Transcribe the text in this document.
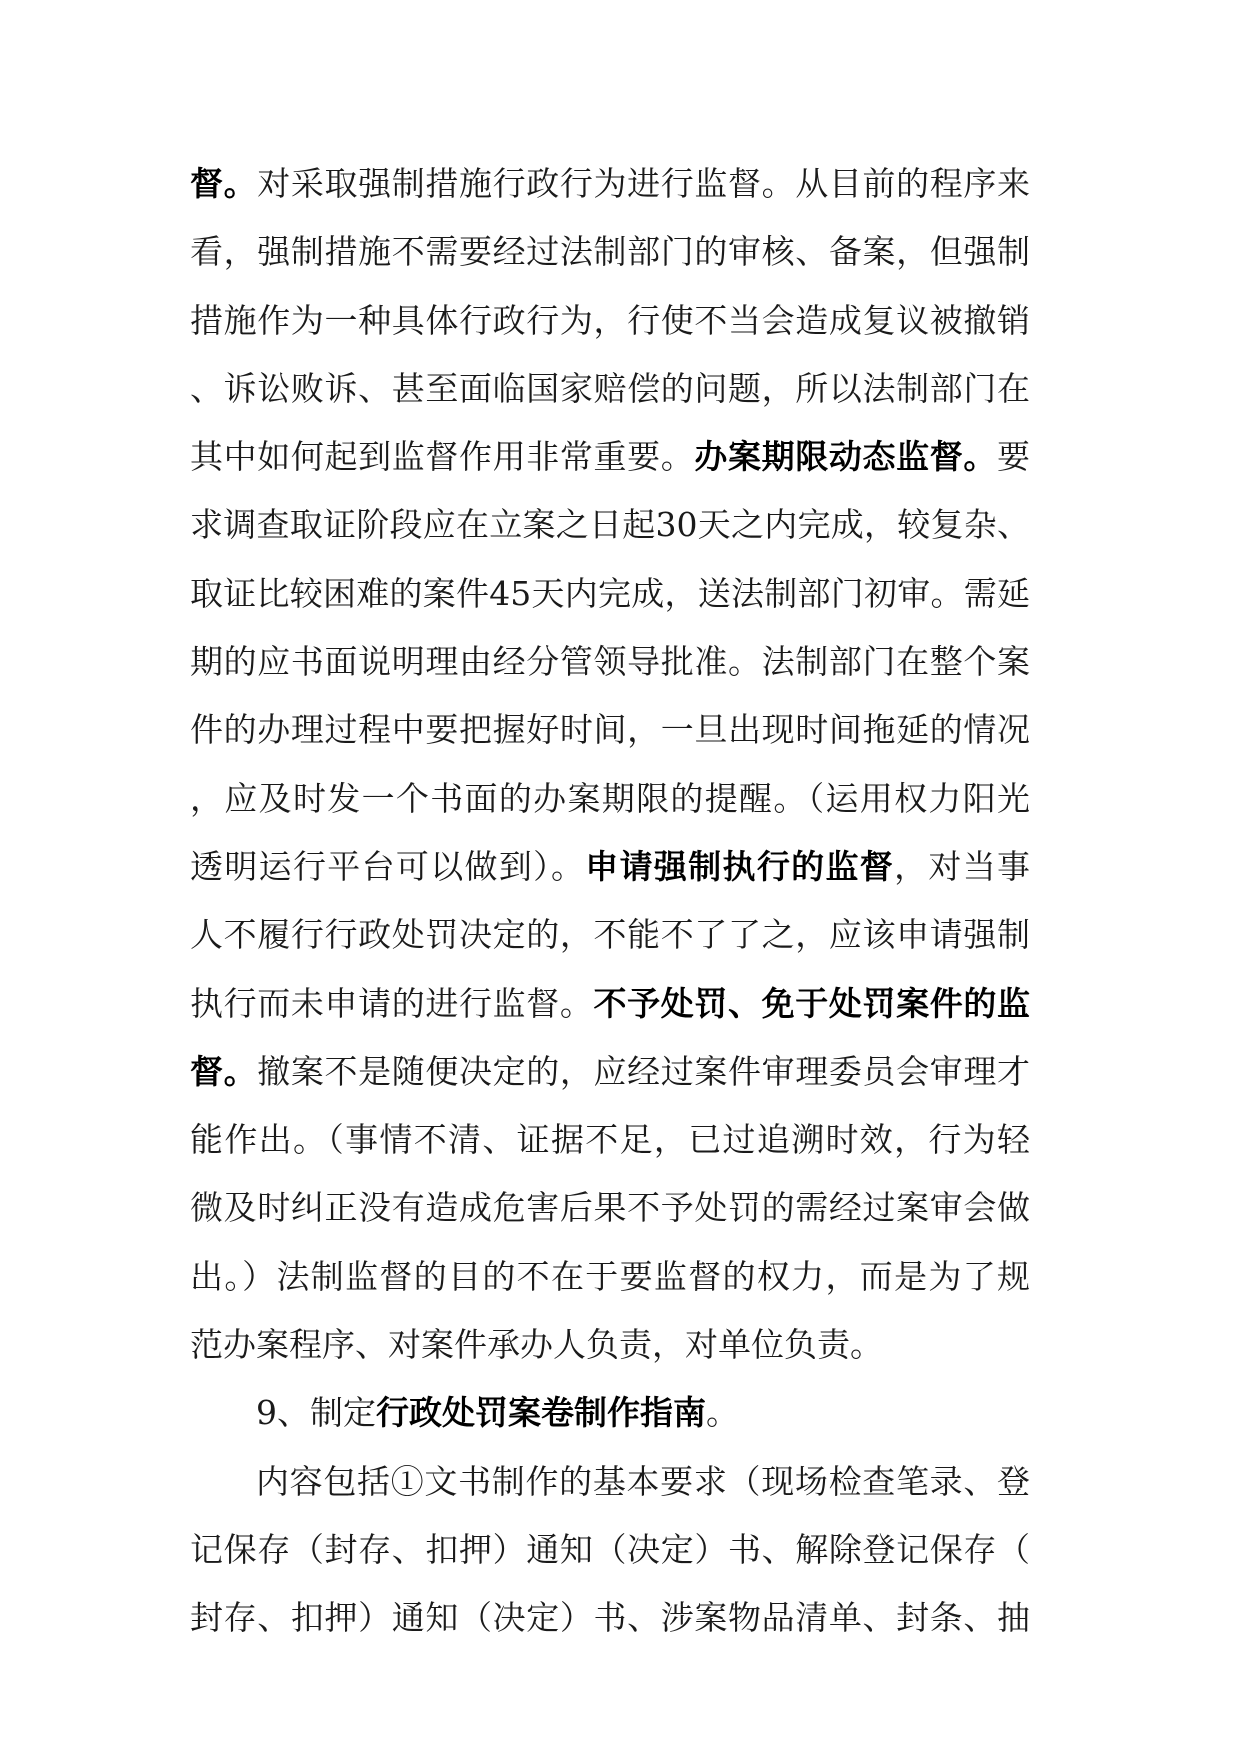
督。对采取强制措施行政行为进行监督。从目前的程序来
看，强制措施不需要经过法制部门的审核、备案，但强制
措施作为一种具体行政行为，行使不当会造成复议被撤销
、诉讼败诉、甚至面临国家赔偿的问题，所以法制部门在
其中如何起到监督作用非常重要。办案期限动态监督。要
求调查取证阶段应在立案之日起30天之内完成，较复杂、
取证比较困难的案件45天内完成，送法制部门初审。需延
期的应书面说明理由经分管领导批准。法制部门在整个案
件的办理过程中要把握好时间，一旦出现时间拖延的情况
，应及时发一个书面的办案期限的提醒。（运用权力阳光
透明运行平台可以做到）。申请强制执行的监督，对当事
人不履行行政处罚决定的，不能不了了之，应该申请强制
执行而未申请的进行监督。不予处罚、免于处罚案件的监
督。撤案不是随便决定的，应经过案件审理委员会审理才
能作出。（事情不清、证据不足，已过追溯时效，行为轻
微及时纠正没有造成危害后果不予处罚的需经过案审会做
出。）法制监督的目的不在于要监督的权力，而是为了规
范办案程序、对案件承办人负责，对单位负责。
9、制定行政处罚案卷制作指南。
内容包括①文书制作的基本要求（现场检查笔录、登
记保存（封存、扣押）通知（决定）书、解除登记保存（
封存、扣押）通知（决定）书、涉案物品清单、封条、抽
